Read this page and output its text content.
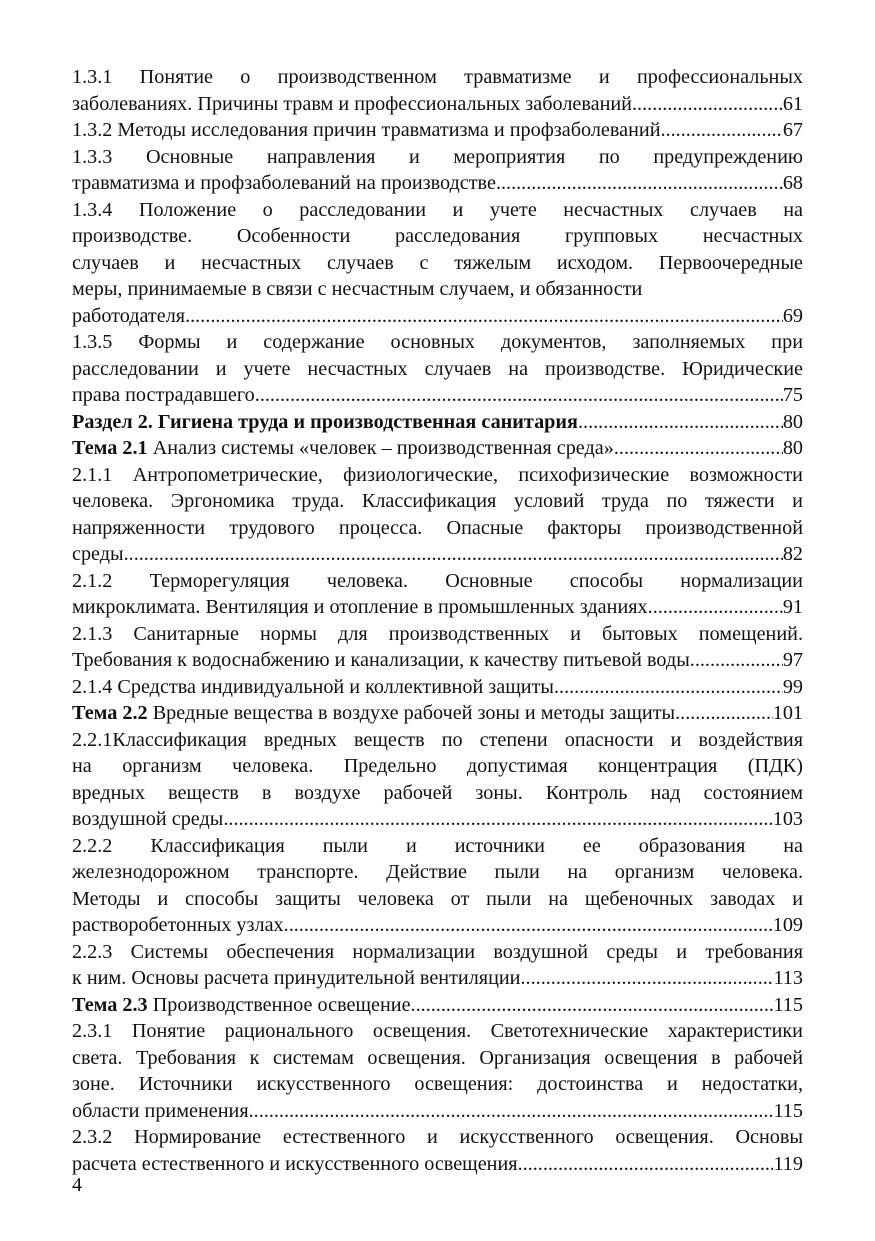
1.3.1 Понятие о производственном травматизме и профессиональных
заболеваниях. Причины травм и профессиональных заболеваний .....	61
1.3.2 Методы исследования причин травматизма и профзаболеваний .....	67
1.3.3 Основные направления и мероприятия по предупреждению
травматизма и профзаболеваний на производстве .....	68
1.3.4 Положение о расследовании и учете несчастных случаев на
производстве. Особенности расследования групповых несчастных
случаев и несчастных случаев с тяжелым исходом. Первоочередные
меры, принимаемые в связи с несчастным случаем, и обязанности
работодателя .....	69
1.3.5 Формы и содержание основных документов, заполняемых при
расследовании и учете несчастных случаев на производстве. Юридические
права пострадавшего .....	75
Раздел 2. Гигиена труда и производственная санитария .....	80
Тема 2.1 Анализ системы «человек – производственная среда» .....	80
2.1.1 Антропометрические, физиологические, психофизические возможности
человека. Эргономика труда. Классификация условий труда по тяжести и
напряженности трудового процесса. Опасные факторы производственной
среды .....	82
2.1.2 Терморегуляция человека. Основные способы нормализации
микроклимата. Вентиляция и отопление в промышленных зданиях .....	91
2.1.3 Санитарные нормы для производственных и бытовых помещений.
Требования к водоснабжению и канализации, к качеству питьевой воды .....	97
2.1.4 Средства индивидуальной и коллективной защиты .....	99
Тема 2.2 Вредные вещества в воздухе рабочей зоны и методы защиты .....	101
2.2.1Классификация вредных веществ по степени опасности и воздействия
на организм человека. Предельно допустимая концентрация (ПДК)
вредных веществ в воздухе рабочей зоны. Контроль над состоянием
воздушной среды .....	103
2.2.2 Классификация пыли и источники ее образования на
железнодорожном транспорте. Действие пыли на организм человека.
Методы и способы защиты человека от пыли на щебеночных заводах и
растворобетонных узлах .....	109
2.2.3 Системы обеспечения нормализации воздушной среды и требования
к ним. Основы расчета принудительной вентиляции .....	113
Тема 2.3 Производственное освещение .....	115
2.3.1 Понятие рационального освещения. Светотехнические характеристики
света. Требования к системам освещения. Организация освещения в рабочей
зоне. Источники искусственного освещения: достоинства и недостатки,
области применения .....	115
2.3.2 Нормирование естественного и искусственного освещения. Основы
расчета естественного и искусственного освещения .....	119
4
